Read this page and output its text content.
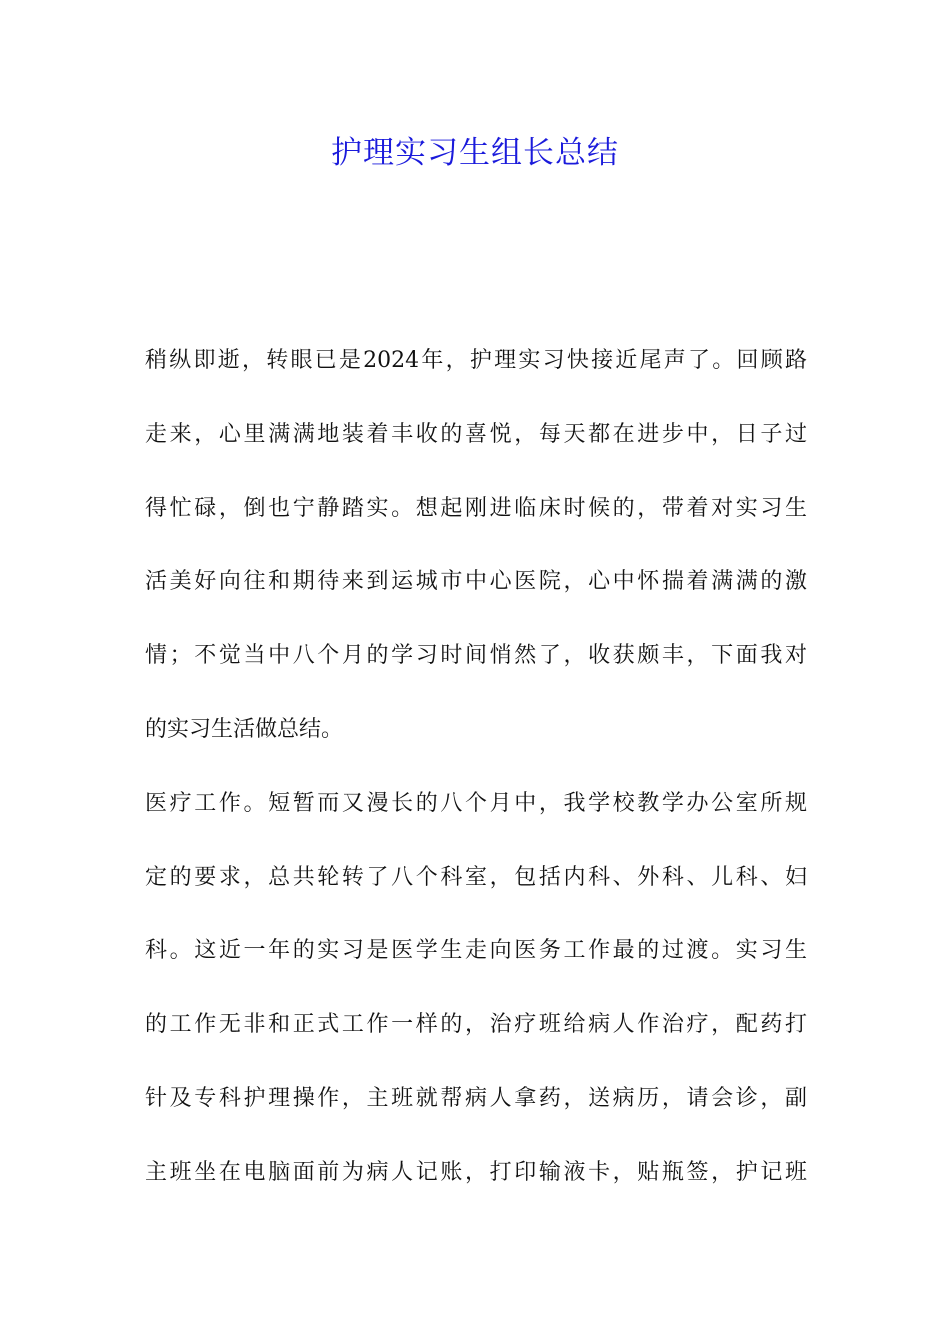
护理实习生组长总结
稍纵即逝，转眼已是2024年，护理实习快接近尾声了。回顾路
走来，心里满满地装着丰收的喜悦，每天都在进步中，日子过
得忙碌，倒也宁静踏实。想起刚进临床时候的，带着对实习生
活美好向往和期待来到运城市中心医院，心中怀揣着满满的激
情；不觉当中八个月的学习时间悄然了，收获颇丰，下面我对
的实习生活做总结。
医疗工作。短暂而又漫长的八个月中，我学校教学办公室所规
定的要求，总共轮转了八个科室，包括内科、外科、儿科、妇
科。这近一年的实习是医学生走向医务工作最的过渡。实习生
的工作无非和正式工作一样的，治疗班给病人作治疗，配药打
针及专科护理操作，主班就帮病人拿药，送病历，请会诊，副
主班坐在电脑面前为病人记账，打印输液卡，贴瓶签，护记班
